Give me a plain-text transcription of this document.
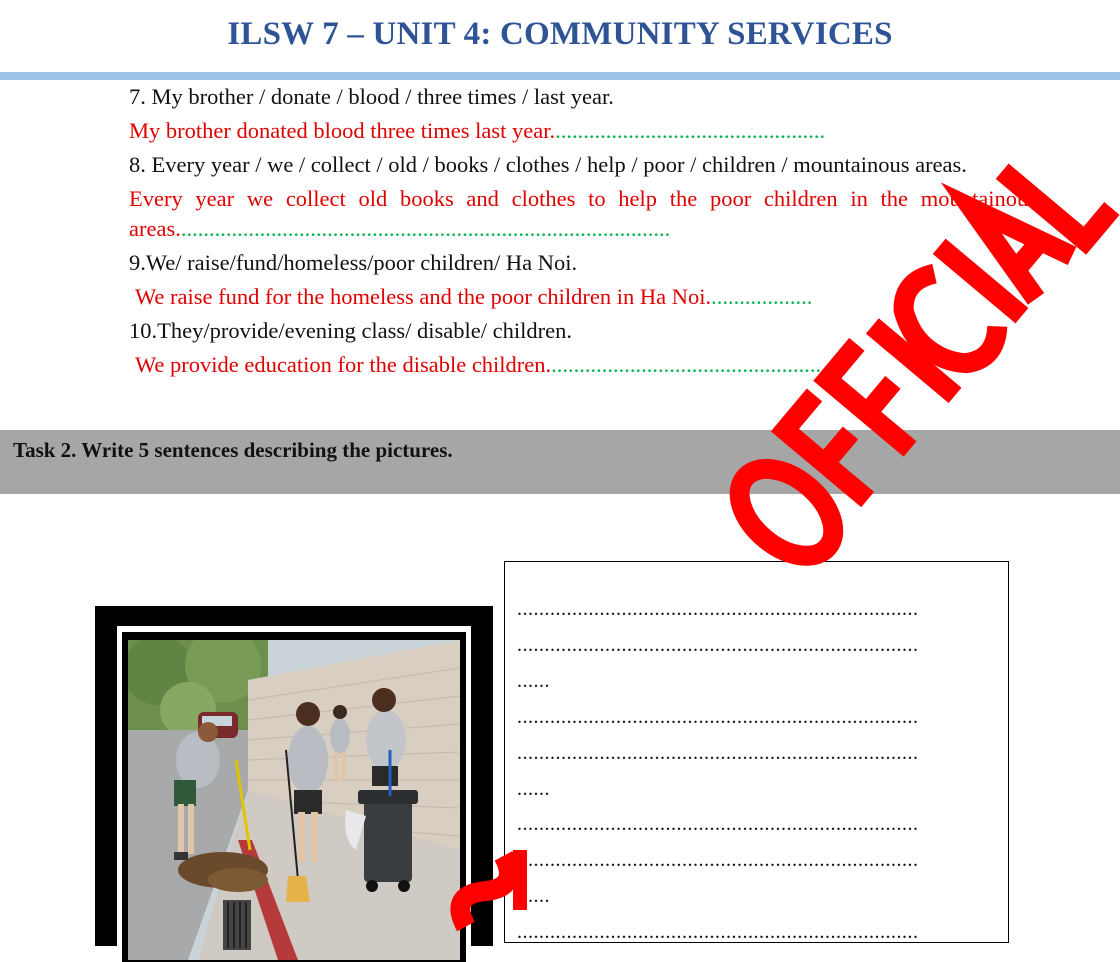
ILSW 7 – UNIT 4: COMMUNITY SERVICES

7. My brother / donate / blood / three times / last year.

My brother donated blood three times last year.................................................

8. Every year / we / collect / old / books / clothes / help / poor / children / mountainous areas.

Every year we collect old books and clothes to help the poor children in the mountainous areas........................................................................................

9.We/ raise/fund/homeless/poor children/ Ha Noi.

We raise fund for the homeless and the poor children in Ha Noi...................

10.They/provide/evening class/ disable/ children.

We provide education for the disable children.................................................

Task 2. Write 5 sentences describing the pictures.
.........................................................................
.........................................................................
......
.........................................................................
.........................................................................
......
.........................................................................
.........................................................................
......
.........................................................................
